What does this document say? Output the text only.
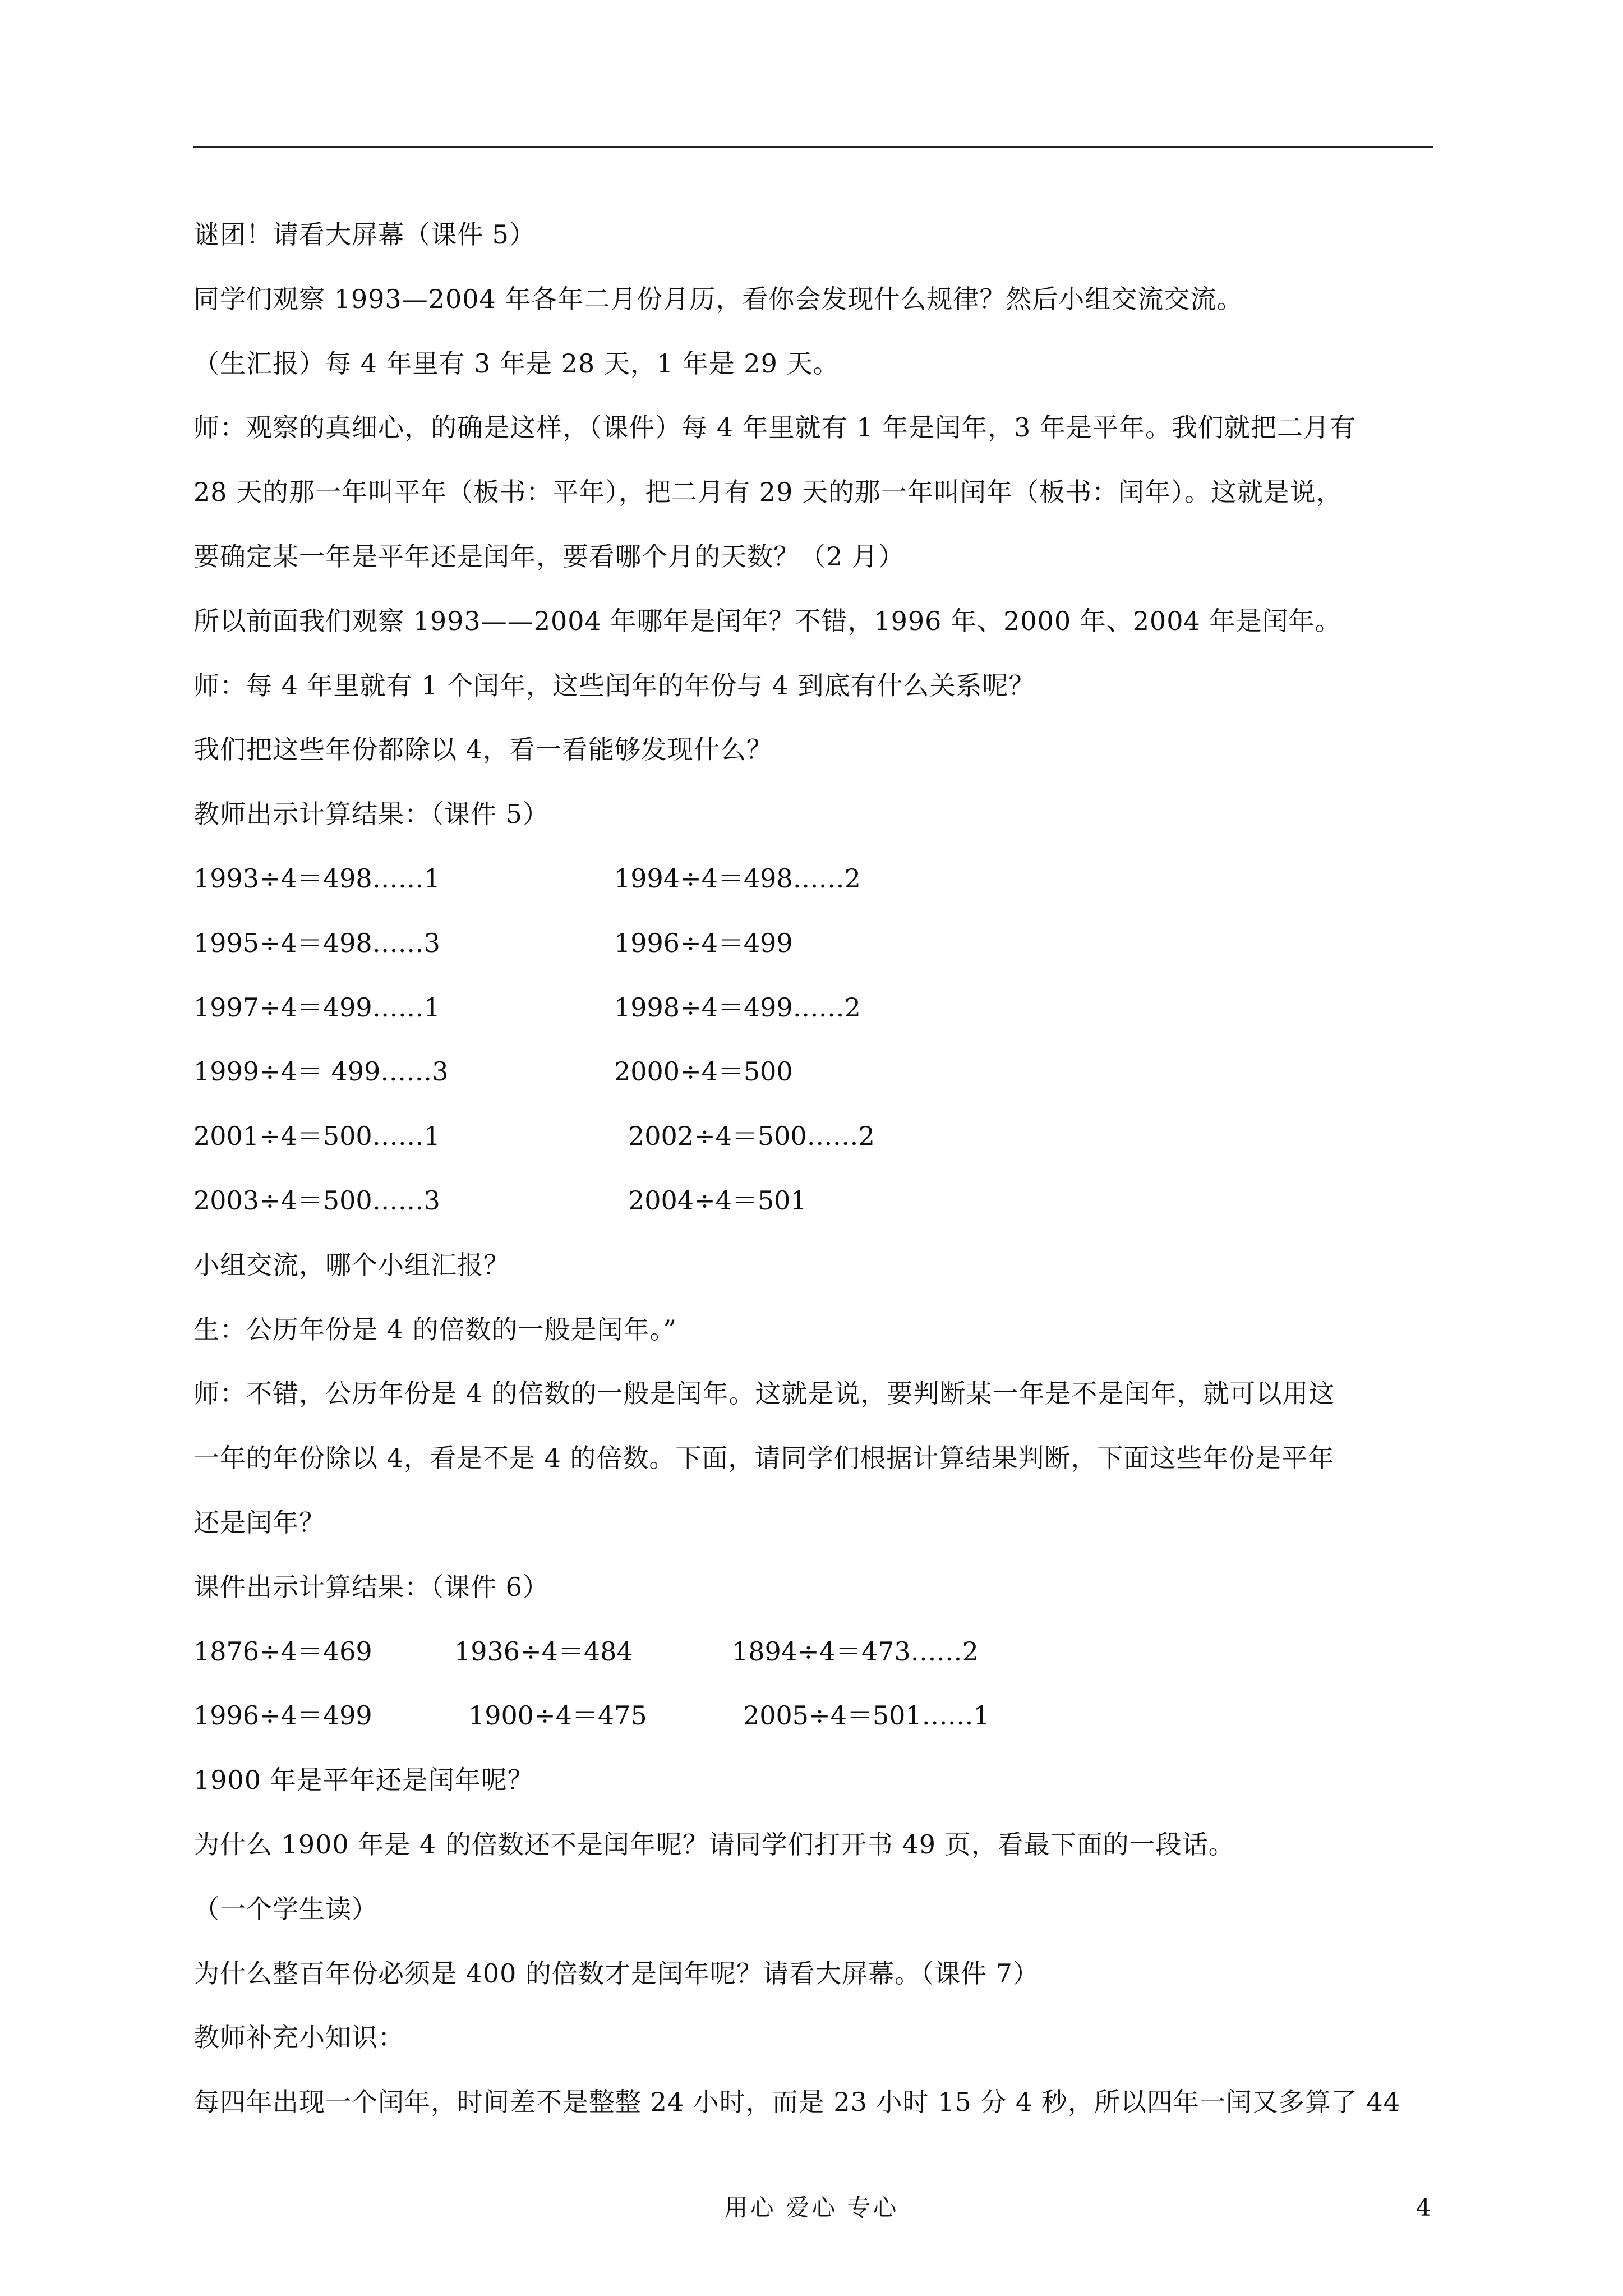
谜团！请看大屏幕（课件 5）
同学们观察 1993—2004 年各年二月份月历，看你会发现什么规律？然后小组交流交流。
（生汇报）每 4 年里有 3 年是 28 天，1 年是 29 天。
师：观察的真细心，的确是这样，（课件）每 4 年里就有 1 年是闰年，3 年是平年。我们就把二月有
28 天的那一年叫平年（板书：平年），把二月有 29 天的那一年叫闰年（板书：闰年）。这就是说，
要确定某一年是平年还是闰年，要看哪个月的天数？（2 月）
所以前面我们观察 1993——2004 年哪年是闰年？不错，1996 年、2000 年、2004 年是闰年。
师：每 4 年里就有 1 个闰年，这些闰年的年份与 4 到底有什么关系呢？
我们把这些年份都除以 4，看一看能够发现什么？
教师出示计算结果：（课件 5）
1993÷4＝498……1	1994÷4＝498……2
1995÷4＝498……3	1996÷4＝499
1997÷4＝499……1	1998÷4＝499……2
1999÷4＝ 499……3	2000÷4＝500
2001÷4＝500……1	2002÷4＝500……2
2003÷4＝500……3	2004÷4＝501
小组交流，哪个小组汇报？
生：公历年份是 4 的倍数的一般是闰年。”
师：不错，公历年份是 4 的倍数的一般是闰年。这就是说，要判断某一年是不是闰年，就可以用这
一年的年份除以 4，看是不是 4 的倍数。下面，请同学们根据计算结果判断，下面这些年份是平年
还是闰年？
课件出示计算结果：（课件 6）
1876÷4＝469	1936÷4＝484	1894÷4＝473……2
1996÷4＝499	1900÷4＝475	2005÷4＝501……1
1900 年是平年还是闰年呢？
为什么 1900 年是 4 的倍数还不是闰年呢？请同学们打开书 49 页，看最下面的一段话。
（一个学生读）
为什么整百年份必须是 400 的倍数才是闰年呢？请看大屏幕。（课件 7）
教师补充小知识：
每四年出现一个闰年，时间差不是整整 24 小时，而是 23 小时 15 分 4 秒，所以四年一闰又多算了 44
用心 爱心 专心	4
